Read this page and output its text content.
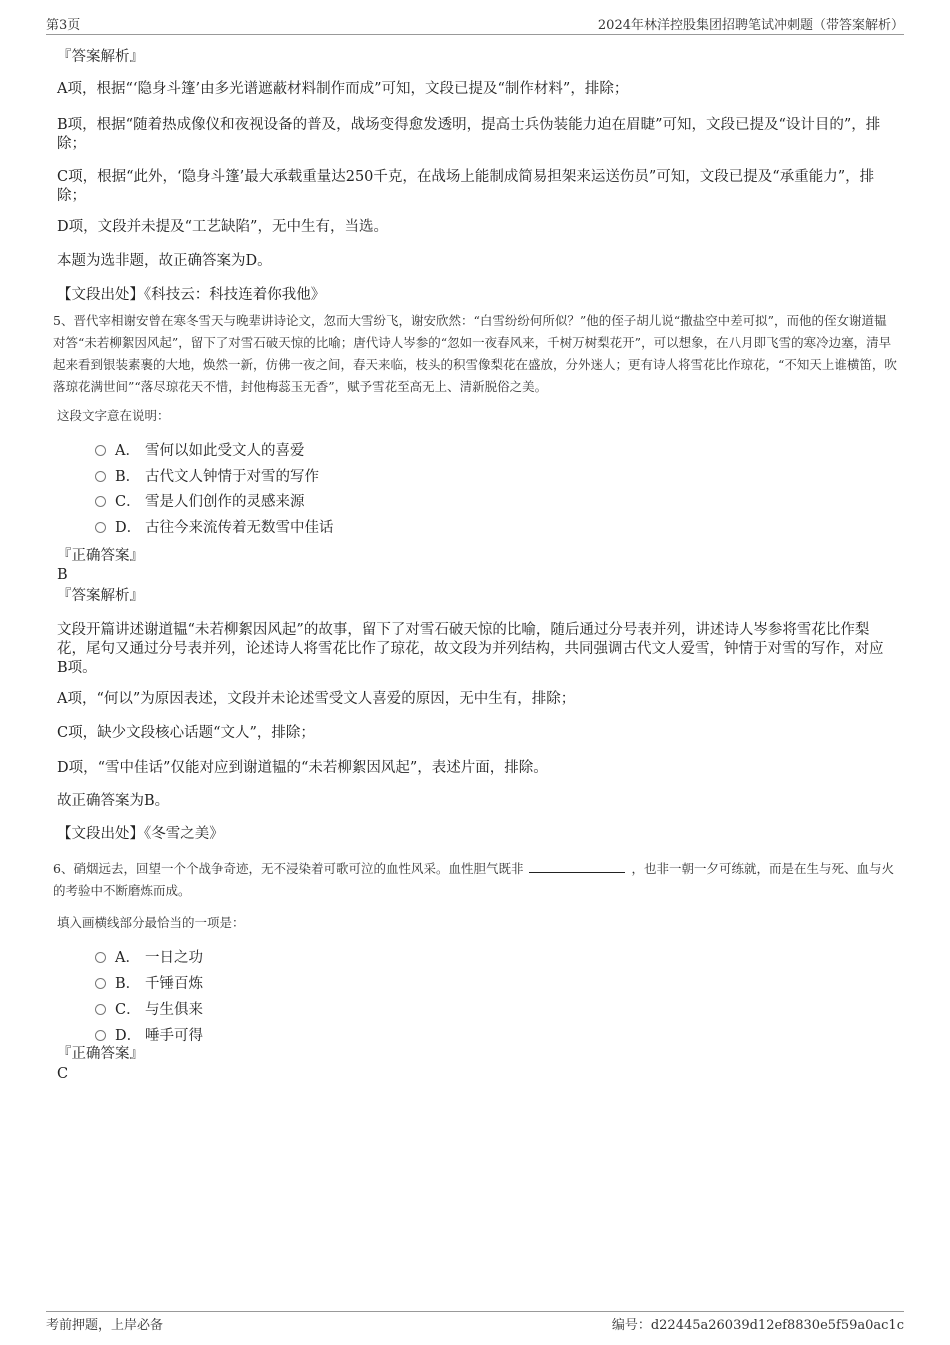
第3页	2024年林洋控股集团招聘笔试冲刺题（带答案解析）
『答案解析』
A项，根据“‘隐身斗篷’由多光谱遮蔽材料制作而成”可知，文段已提及“制作材料”，排除；
B项，根据“随着热成像仪和夜视设备的普及，战场变得愈发透明，提高士兵伪装能力迫在眉睫”可知，文段已提及“设计目的”，排除；
C项，根据“此外，‘隐身斗篷’最大承载重量达250千克，在战场上能制成简易担架来运送伤员”可知，文段已提及“承重能力”，排除；
D项，文段并未提及“工艺缺陷”，无中生有，当选。
本题为选非题，故正确答案为D。
【文段出处】《科技云：科技连着你我他》
5、晋代宰相谢安曾在寒冬雪天与晚辈讲诗论文，忽而大雪纷飞，谢安欣然：“白雪纷纷何所似？”他的侄子胡儿说“撒盐空中差可拟”，而他的侄女谢道韫对答“未若柳絮因风起”，留下了对雪石破天惊的比喻；唐代诗人岑参的“忽如一夜春风来，千树万树梨花开”，可以想象，在八月即飞雪的寒冷边塞，清早起来看到银装素裹的大地，焕然一新，仿佛一夜之间，春天来临，枝头的积雪像梨花在盛放，分外迷人；更有诗人将雪花比作琼花，“不知天上谁横笛，吹落琼花满世间”“落尽琼花天不惜，封他梅蕊玉无香”，赋予雪花至高无上、清新脱俗之美。
这段文字意在说明：
A． 雪何以如此受文人的喜爱
B． 古代文人钟情于对雪的写作
C． 雪是人们创作的灵感来源
D． 古往今来流传着无数雪中佳话
『正确答案』
B
『答案解析』
文段开篇讲述谢道韫“未若柳絮因风起”的故事，留下了对雪石破天惊的比喻，随后通过分号表并列，讲述诗人岑参将雪花比作梨花，尾句又通过分号表并列，论述诗人将雪花比作了琼花，故文段为并列结构，共同强调古代文人爱雪，钟情于对雪的写作，对应B项。
A项，“何以”为原因表述，文段并未论述雪受文人喜爱的原因，无中生有，排除；
C项，缺少文段核心话题“文人”，排除；
D项，“雪中佳话”仅能对应到谢道韫的“未若柳絮因风起”，表述片面，排除。
故正确答案为B。
【文段出处】《冬雪之美》
6、硝烟远去，回望一个个战争奇迹，无不浸染着可歌可泣的血性风采。血性胆气既非	，也非一朝一夕可练就，而是在生与死、血与火的考验中不断磨炼而成。
填入画横线部分最恰当的一项是：
A． 一日之功
B． 千锤百炼
C． 与生俱来
D． 唾手可得
『正确答案』
C
考前押题，上岸必备	编号：d22445a26039d12ef8830e5f59a0ac1c
